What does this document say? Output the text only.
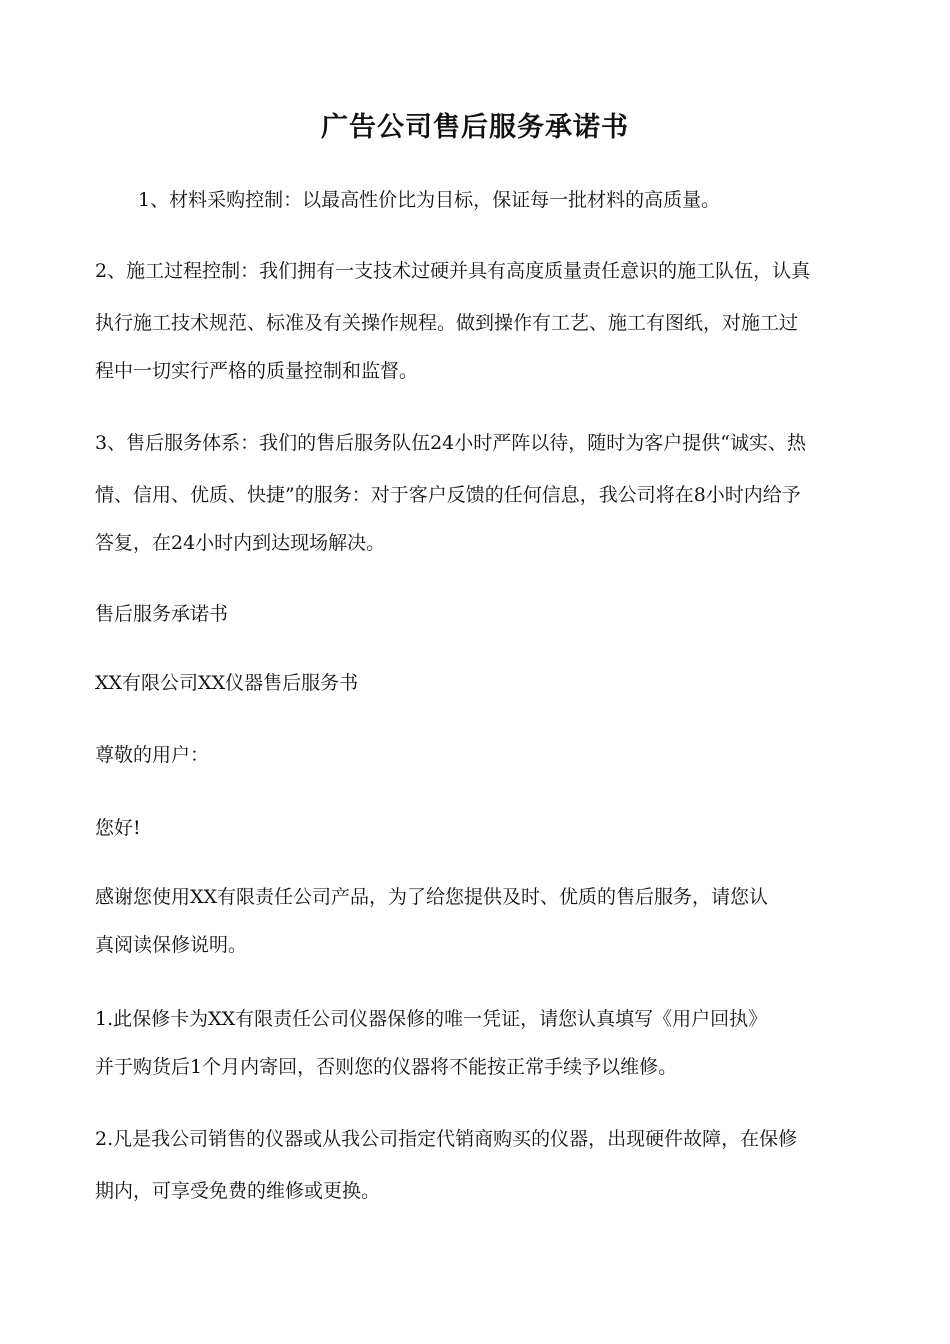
广告公司售后服务承诺书
1、材料采购控制：以最高性价比为目标，保证每一批材料的高质量。
2、施工过程控制：我们拥有一支技术过硬并具有高度质量责任意识的施工队伍，认真
执行施工技术规范、标准及有关操作规程。做到操作有工艺、施工有图纸，对施工过
程中一切实行严格的质量控制和监督。
3、售后服务体系：我们的售后服务队伍24小时严阵以待，随时为客户提供“诚实、热
情、信用、优质、快捷”的服务：对于客户反馈的任何信息，我公司将在8小时内给予
答复，在24小时内到达现场解决。
售后服务承诺书
XX有限公司XX仪器售后服务书
尊敬的用户：
您好!
感谢您使用XX有限责任公司产品，为了给您提供及时、优质的售后服务，请您认
真阅读保修说明。
1.此保修卡为XX有限责任公司仪器保修的唯一凭证，请您认真填写《用户回执》
并于购货后1个月内寄回，否则您的仪器将不能按正常手续予以维修。
2.凡是我公司销售的仪器或从我公司指定代销商购买的仪器，出现硬件故障，在保修
期内，可享受免费的维修或更换。
